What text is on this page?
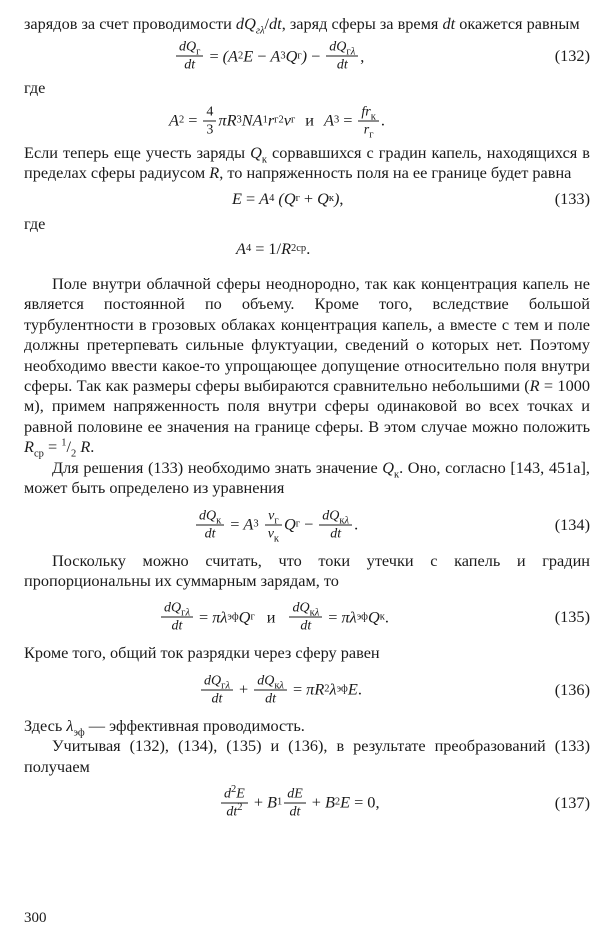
зарядов за счет проводимости $dQ_{г\lambda}/dt$, заряд сферы за время dt окажется равным

$\frac{dQ_г}{dt}$ = ( A 2 E − A 3 Q г ) − $\frac{dQ_{г\lambda}}{dt}$ ,	(132)

где

A $2 = \frac{4}{3}$ π R 3 NA 1 r г 2 v г и A $3 = \frac{fr_к}{r_г}$ .

Если теперь еще учесть заряды $Q_к$ сорвавшихся с градин капель, находящихся в пределах сферы радиусом R, то напряженность поля на ее границе будет равна

E = A 4 ( Q г + Q к ) ,	(133)

где

A 4 = 1/ R 2 ср .

Поле внутри облачной сферы неоднородно, так как концентрация капель не является постоянной по объему. Кроме того, вследствие большой турбулентности в грозовых облаках концентрация капель, а вместе с тем и поле должны претерпевать сильные флуктуации, сведений о которых нет. Поэтому необходимо ввести какое-то упрощающее допущение относительно поля внутри сферы. Так как размеры сферы выбираются сравнительно небольшими (R = 1000 м), примем напряженность поля внутри сферы одинаковой во всех точках и равной половине ее значения на границе сферы. В этом случае можно положить $R_{ср} = ^1/_2$ R.

Для решения (133) необходимо знать значение $Q_к$. Оно, согласно [143, 451а], может быть определено из уравнения

$\frac{dQ_к}{dt} = A$ 3
$\frac{v_г}{v_к}$ Q $г - \frac{dQ_{к\lambda}}{dt}$ .	(134)

Поскольку можно считать, что токи утечки с капель и градин пропорциональны их суммарным зарядам, то

$\frac{dQ_{г\lambda}}{dt} = \pi$ λ эф Q г и $\frac{dQ_{к\lambda}}{dt} = \pi$ λ эф Q к .	(135)

Кроме того, общий ток разрядки через сферу равен

$\frac{dQ_{г\lambda}}{dt} + \frac{dQ_{к\lambda}}{dt} = \pi$ R 2 λ эф E .	(136)

Здесь $\lambda_{эф}$ — эффективная проводимость.

Учитывая (132), (134), (135) и (136), в результате преобразований (133) получаем

$\frac{d^2E}{dt^2} + B$ $1 \frac{dE}{dt} + B$ 2 E = 0,	(137)
300
